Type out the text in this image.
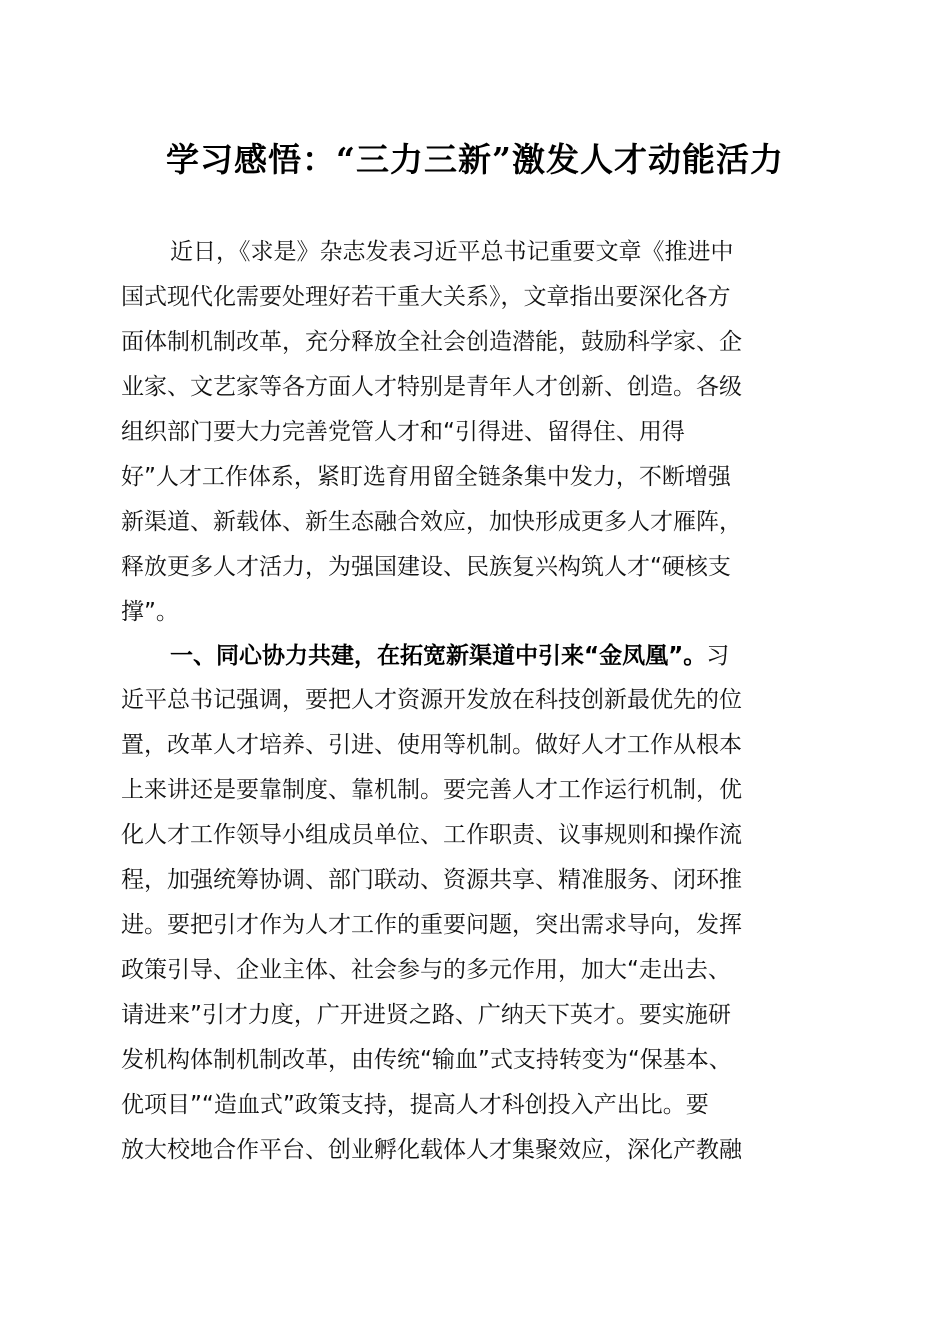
学习感悟：“三力三新”激发人才动能活力
近日，《求是》杂志发表习近平总书记重要文章《推进中
国式现代化需要处理好若干重大关系》，文章指出要深化各方
面体制机制改革，充分释放全社会创造潜能，鼓励科学家、企
业家、文艺家等各方面人才特别是青年人才创新、创造。各级
组织部门要大力完善党管人才和“引得进、留得住、用得
好”人才工作体系，紧盯选育用留全链条集中发力，不断增强
新渠道、新载体、新生态融合效应，加快形成更多人才雁阵，
释放更多人才活力，为强国建设、民族复兴构筑人才“硬核支
撑”。
一、同心协力共建，在拓宽新渠道中引来“金凤凰”。习
近平总书记强调，要把人才资源开发放在科技创新最优先的位
置，改革人才培养、引进、使用等机制。做好人才工作从根本
上来讲还是要靠制度、靠机制。要完善人才工作运行机制，优
化人才工作领导小组成员单位、工作职责、议事规则和操作流
程，加强统筹协调、部门联动、资源共享、精准服务、闭环推
进。要把引才作为人才工作的重要问题，突出需求导向，发挥
政策引导、企业主体、社会参与的多元作用，加大“走出去、
请进来”引才力度，广开进贤之路、广纳天下英才。要实施研
发机构体制机制改革，由传统“输血”式支持转变为“保基本、
优项目”“造血式”政策支持，提高人才科创投入产出比。要
放大校地合作平台、创业孵化载体人才集聚效应，深化产教融
